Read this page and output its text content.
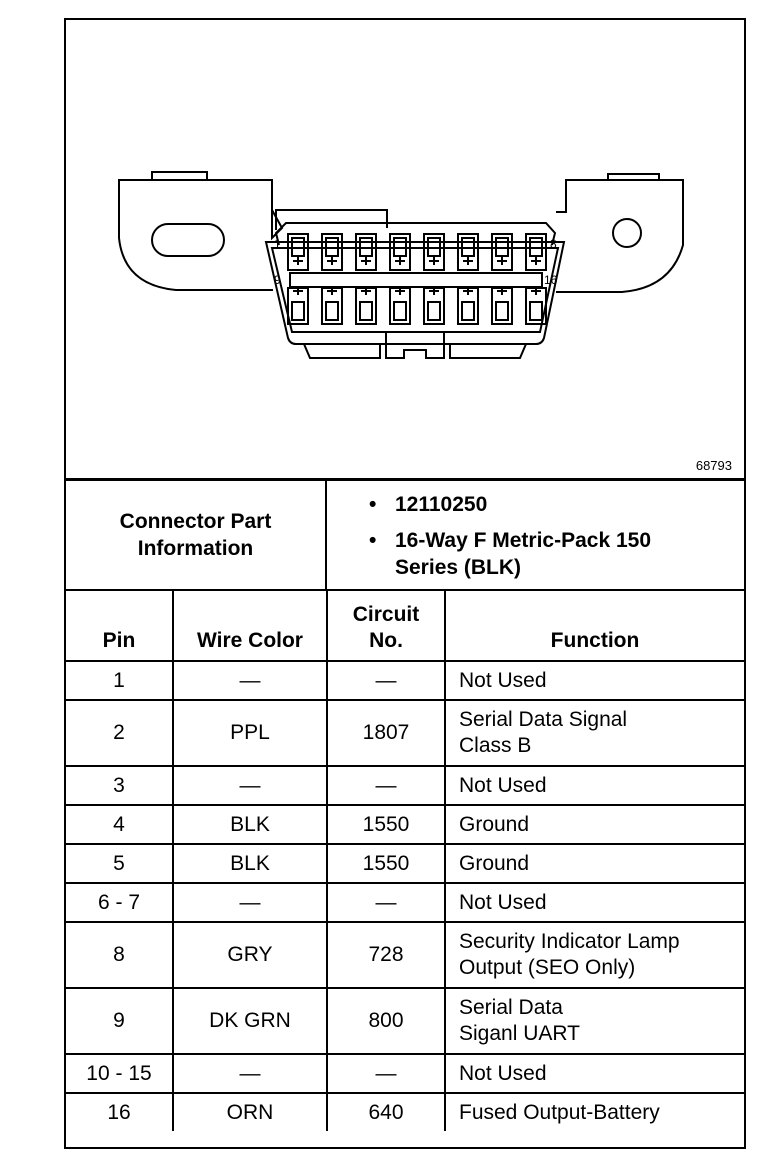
1	8
9	16
68793
Connector Part Information
• 12110250
• 16-Way F Metric-Pack 150 Series (BLK)
Pin	Wire Color	Circuit No.	Function
1	—	—	Not Used
2	PPL	1807	Serial Data Signal Class B

3	—	—	Not Used
4	BLK	1550	Ground
5	BLK	1550	Ground
6 - 7	—	—	Not Used
8	GRY	728	Security Indicator Lamp Output (SEO Only)

9	DK GRN	800	Serial Data Siganl UART

10 - 15	—	—	Not Used
16	ORN	640	Fused Output-Battery
